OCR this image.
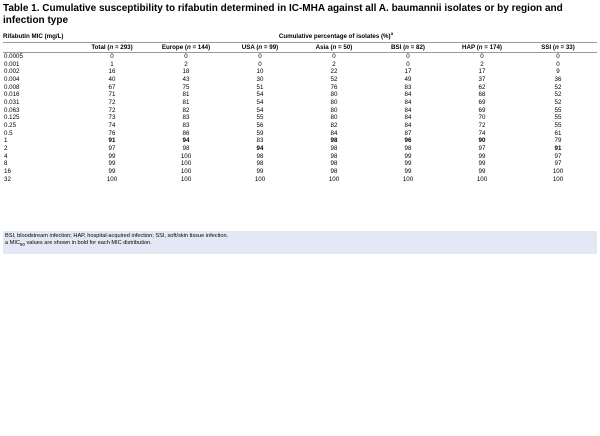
Table 1. Cumulative susceptibility to rifabutin determined in IC-MHA against all A. baumannii isolates or by region and infection type
Rifabutin MIC (mg/L)	Cumulative percentage of isolates (%)$^a$
	Total (n = 293)	Europe (n = 144)	USA (n = 99)	Asia (n = 50)	BSI (n = 82)	HAP (n = 174)	SSI (n = 33)
0.0005	0	0	0	0	0	0	0
0.001	1	2	0	2	0	2	0
0.002	16	18	10	22	17	17	9
0.004	40	43	30	52	49	37	36
0.008	67	75	51	76	83	62	52
0.016	71	81	54	80	84	68	52
0.031	72	81	54	80	84	69	52
0.063	72	82	54	80	84	69	55
0.125	73	83	55	80	84	70	55
0.25	74	83	56	82	84	72	55
0.5	76	86	59	84	87	74	61
1	91	94	83	98	96	90	79
2	97	98	94	98	98	97	91
4	99	100	98	98	99	99	97
8	99	100	98	98	99	99	97
16	99	100	99	98	99	99	100
32	100	100	100	100	100	100	100
BSI, bloodstream infection; HAP, hospital-acquired infection; SSI, soft/skin tissue infection.
a $MIC_{90}$ values are shown in bold for each MIC distribution.
